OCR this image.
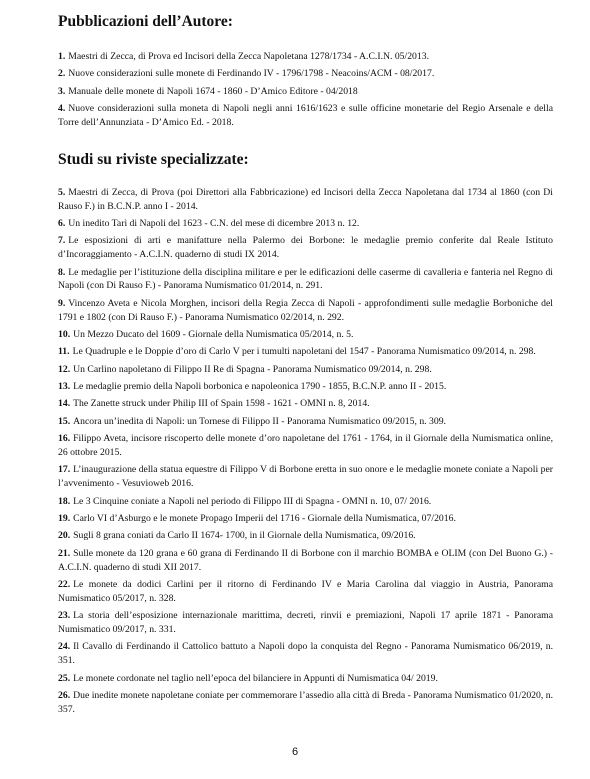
Pubblicazioni dell’Autore:
1. Maestri di Zecca, di Prova ed Incisori della Zecca Napoletana 1278/1734 - A.C.I.N. 05/2013.
2. Nuove considerazioni sulle monete di Ferdinando IV - 1796/1798 - Neacoins/ACM - 08/2017.
3. Manuale delle monete di Napoli 1674 - 1860 - D’Amico Editore - 04/2018
4. Nuove considerazioni sulla moneta di Napoli negli anni 1616/1623 e sulle officine monetarie del Regio Arsenale e della Torre dell’Annunziata - D’Amico Ed. - 2018.
Studi su riviste specializzate:
5. Maestri di Zecca, di Prova (poi Direttori alla Fabbricazione) ed Incisori della Zecca Napoletana dal 1734 al 1860 (con Di Rauso F.) in B.C.N.P. anno I - 2014.
6. Un inedito Tarì di Napoli del 1623 - C.N. del mese di dicembre 2013 n. 12.
7. Le esposizioni di arti e manifatture nella Palermo dei Borbone: le medaglie premio conferite dal Reale Istituto d’Incoraggiamento - A.C.I.N. quaderno di studi IX 2014.
8. Le medaglie per l’istituzione della disciplina militare e per le edificazioni delle caserme di cavalleria e fanteria nel Regno di Napoli (con Di Rauso F.) - Panorama Numismatico 01/2014, n. 291.
9. Vincenzo Aveta e Nicola Morghen, incisori della Regia Zecca di Napoli - approfondimenti sulle medaglie Borboniche del 1791 e 1802 (con Di Rauso F.) - Panorama Numismatico 02/2014, n. 292.
10. Un Mezzo Ducato del 1609 - Giornale della Numismatica 05/2014, n. 5.
11. Le Quadruple e le Doppie d’oro di Carlo V per i tumulti napoletani del 1547 - Panorama Numismatico 09/2014, n. 298.
12. Un Carlino napoletano di Filippo II Re di Spagna - Panorama Numismatico 09/2014, n. 298.
13. Le medaglie premio della Napoli borbonica e napoleonica 1790 - 1855, B.C.N.P. anno II - 2015.
14. The Zanette struck under Philip III of Spain 1598 - 1621 - OMNI n. 8, 2014.
15. Ancora un’inedita di Napoli: un Tornese di Filippo II - Panorama Numismatico 09/2015, n. 309.
16. Filippo Aveta, incisore riscoperto delle monete d’oro napoletane del 1761 - 1764, in il Giornale della Numismatica online, 26 ottobre 2015.
17. L’inaugurazione della statua equestre di Filippo V di Borbone eretta in suo onore e le medaglie monete coniate a Napoli per l’avvenimento - Vesuvioweb 2016.
18. Le 3 Cinquine coniate a Napoli nel periodo di Filippo III di Spagna - OMNI n. 10, 07/ 2016.
19. Carlo VI d’Asburgo e le monete Propago Imperii del 1716 - Giornale della Numismatica, 07/2016.
20. Sugli 8 grana coniati da Carlo II 1674- 1700, in il Giornale della Numismatica, 09/2016.
21. Sulle monete da 120 grana e 60 grana di Ferdinando II di Borbone con il marchio BOMBA e OLIM (con Del Buono G.) - A.C.I.N. quaderno di studi XII 2017.
22. Le monete da dodici Carlini per il ritorno di Ferdinando IV e Maria Carolina dal viaggio in Austria, Panorama Numismatico 05/2017, n. 328.
23. La storia dell’esposizione internazionale marittima, decreti, rinvii e premiazioni, Napoli 17 aprile 1871 - Panorama Numismatico 09/2017, n. 331.
24. Il Cavallo di Ferdinando il Cattolico battuto a Napoli dopo la conquista del Regno - Panorama Numismatico 06/2019, n. 351.
25. Le monete cordonate nel taglio nell’epoca del bilanciere in Appunti di Numismatica 04/ 2019.
26. Due inedite monete napoletane coniate per commemorare l’assedio alla città di Breda - Panorama Numismatico 01/2020, n. 357.
6
